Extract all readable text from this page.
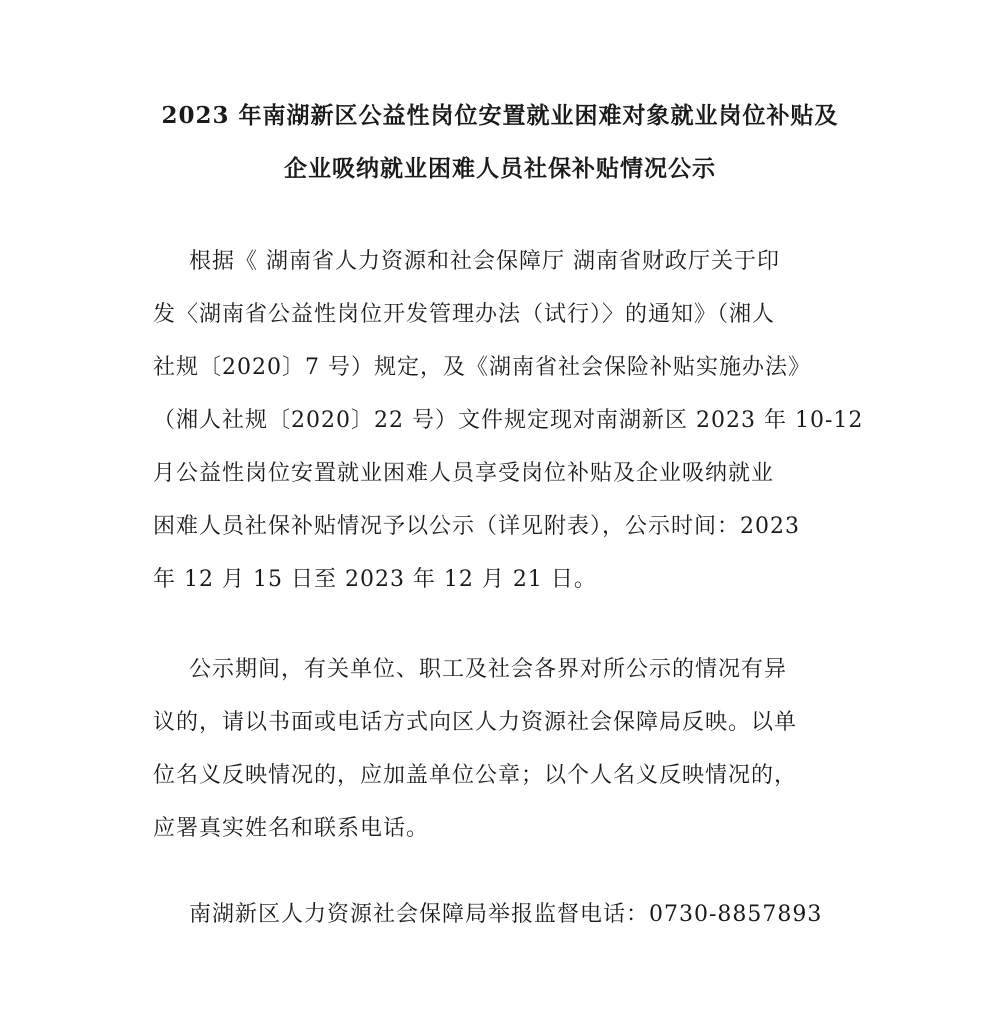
2023 年南湖新区公益性岗位安置就业困难对象就业岗位补贴及
企业吸纳就业困难人员社保补贴情况公示
根据《 湖南省人力资源和社会保障厅 湖南省财政厅关于印
发〈湖南省公益性岗位开发管理办法（试行）〉的通知》（湘人
社规〔2020〕7 号）规定，及《湖南省社会保险补贴实施办法》
（湘人社规〔2020〕22 号）文件规定现对南湖新区 2023 年 10-12
月公益性岗位安置就业困难人员享受岗位补贴及企业吸纳就业
困难人员社保补贴情况予以公示（详见附表），公示时间：2023
年 12 月 15 日至 2023 年 12 月 21 日。
公示期间，有关单位、职工及社会各界对所公示的情况有异
议的，请以书面或电话方式向区人力资源社会保障局反映。以单
位名义反映情况的，应加盖单位公章；以个人名义反映情况的，
应署真实姓名和联系电话。
南湖新区人力资源社会保障局举报监督电话：0730-8857893
